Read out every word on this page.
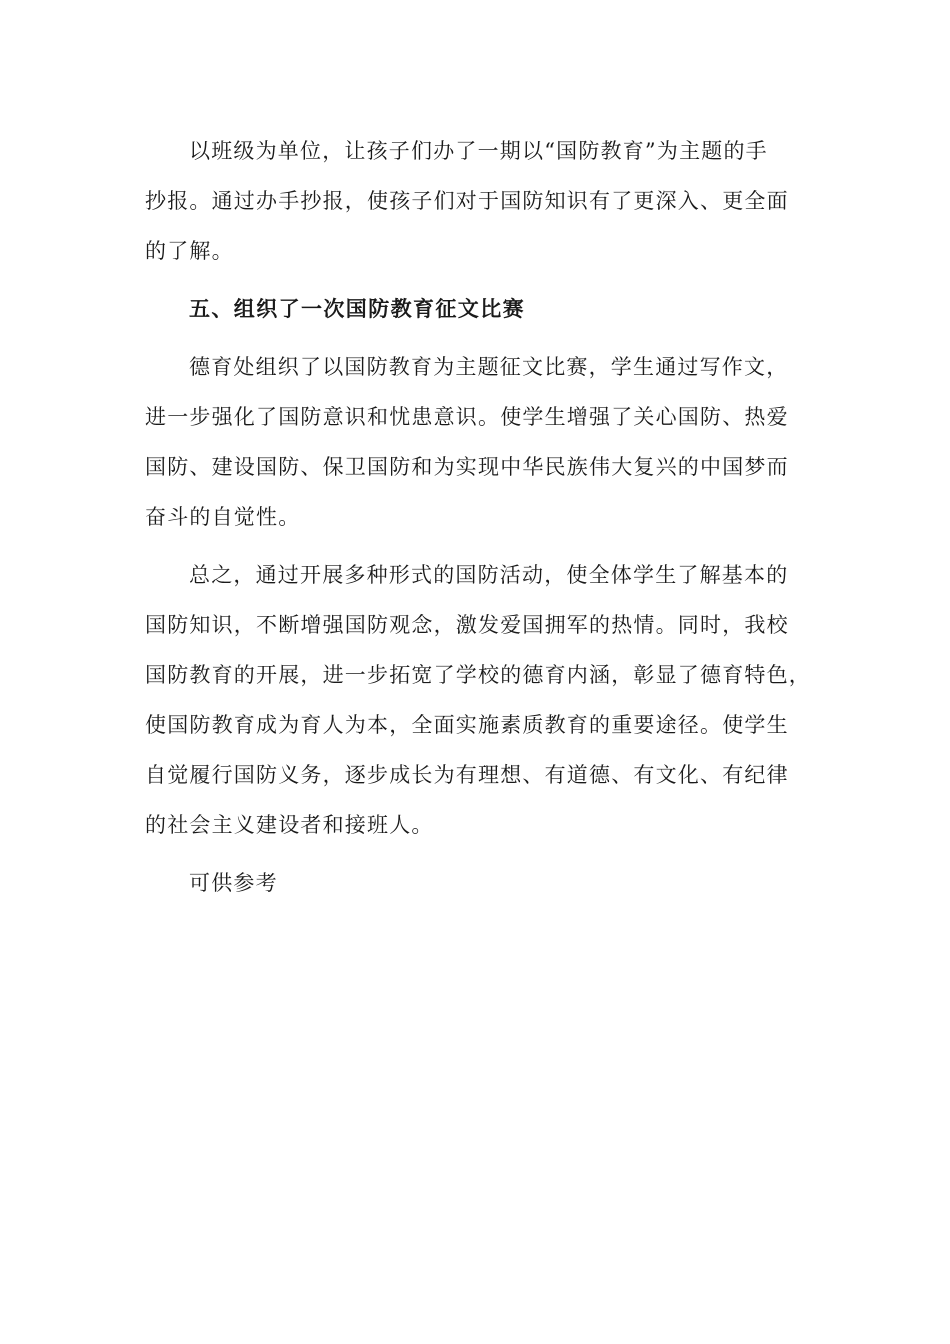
以班级为单位，让孩子们办了一期以“国防教育”为主题的手
抄报。通过办手抄报，使孩子们对于国防知识有了更深入、更全面
的了解。
五、组织了一次国防教育征文比赛
德育处组织了以国防教育为主题征文比赛，学生通过写作文，
进一步强化了国防意识和忧患意识。使学生增强了关心国防、热爱
国防、建设国防、保卫国防和为实现中华民族伟大复兴的中国梦而
奋斗的自觉性。
总之，通过开展多种形式的国防活动，使全体学生了解基本的
国防知识，不断增强国防观念，激发爱国拥军的热情。同时，我校
国防教育的开展，进一步拓宽了学校的德育内涵，彰显了德育特色，
使国防教育成为育人为本，全面实施素质教育的重要途径。使学生
自觉履行国防义务，逐步成长为有理想、有道德、有文化、有纪律
的社会主义建设者和接班人。
可供参考
